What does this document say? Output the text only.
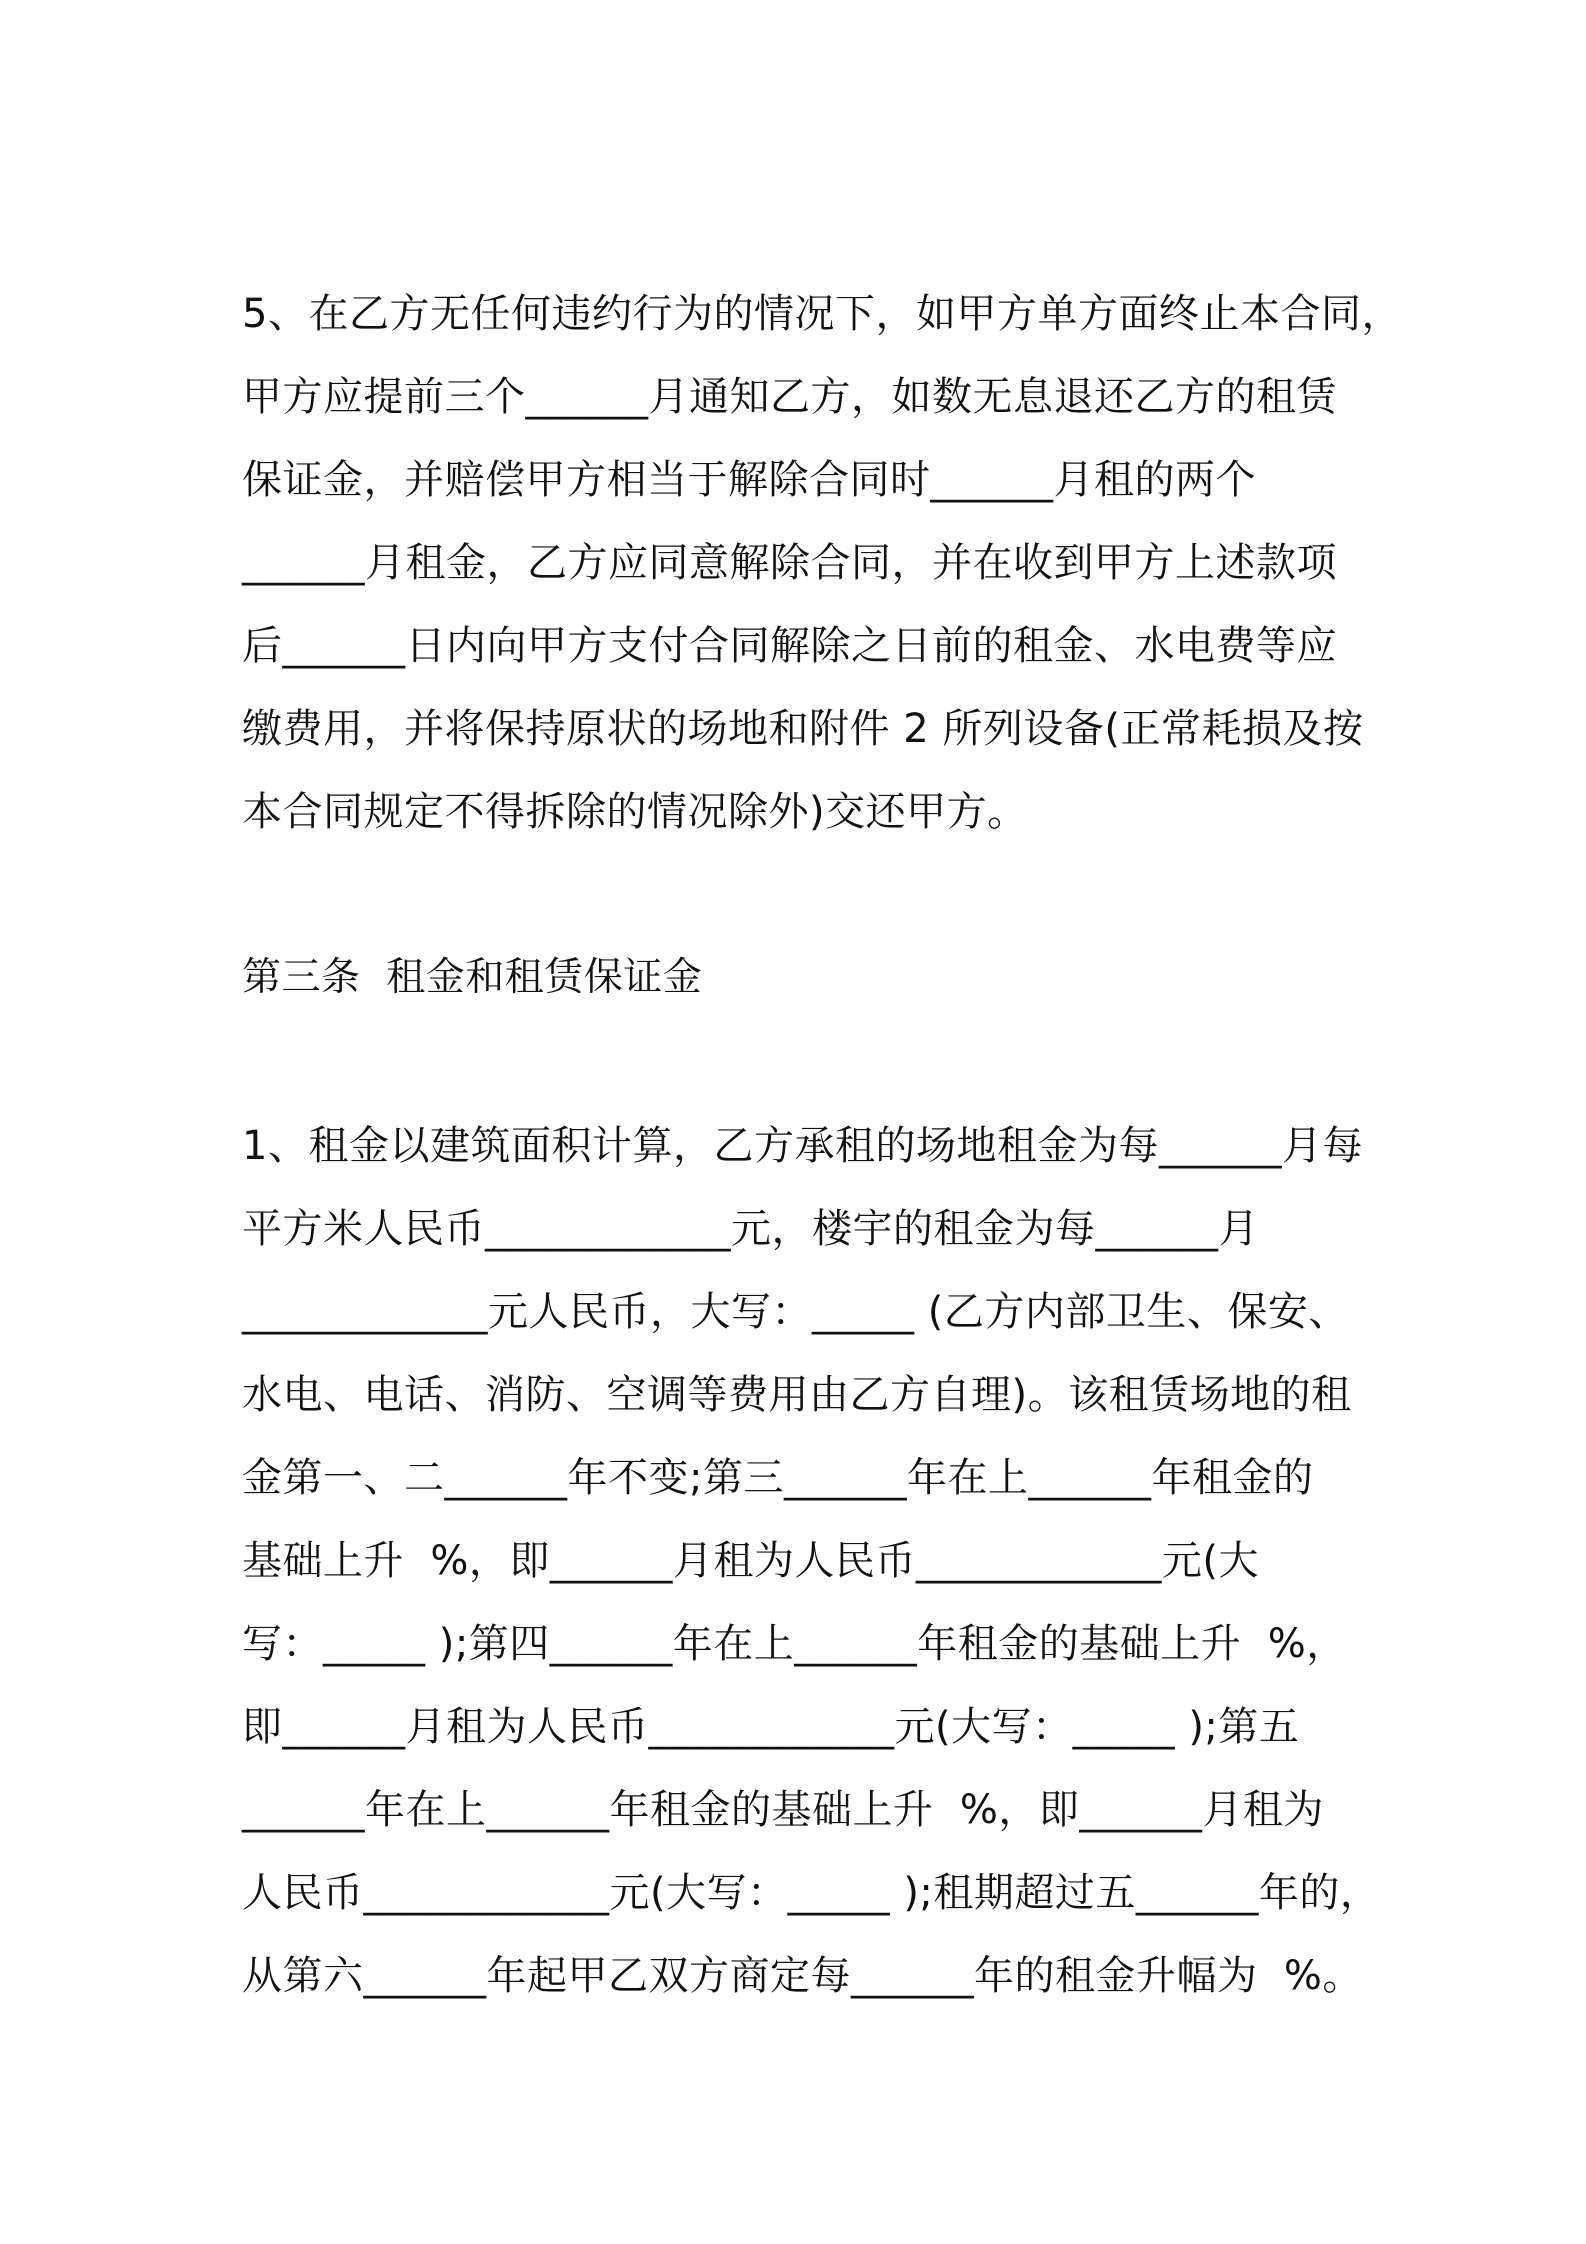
5、在乙方无任何违约行为的情况下，如甲方单方面终止本合同，
甲方应提前三个______月通知乙方，如数无息退还乙方的租赁
保证金，并赔偿甲方相当于解除合同时______月租的两个
______月租金，乙方应同意解除合同，并在收到甲方上述款项
后______日内向甲方支付合同解除之日前的租金、水电费等应
缴费用，并将保持原状的场地和附件 2 所列设备(正常耗损及按
本合同规定不得拆除的情况除外)交还甲方。
第三条  租金和租赁保证金
1、租金以建筑面积计算，乙方承租的场地租金为每______月每
平方米人民币____________元，楼宇的租金为每______月
____________元人民币，大写：_____ (乙方内部卫生、保安、
水电、电话、消防、空调等费用由乙方自理)。该租赁场地的租
金第一、二______年不变;第三______年在上______年租金的
基础上升  %，即______月租为人民币____________元(大
写：_____ );第四______年在上______年租金的基础上升  %，
即______月租为人民币____________元(大写：_____ );第五
______年在上______年租金的基础上升  %，即______月租为
人民币____________元(大写：_____ );租期超过五______年的，
从第六______年起甲乙双方商定每______年的租金升幅为  %。
